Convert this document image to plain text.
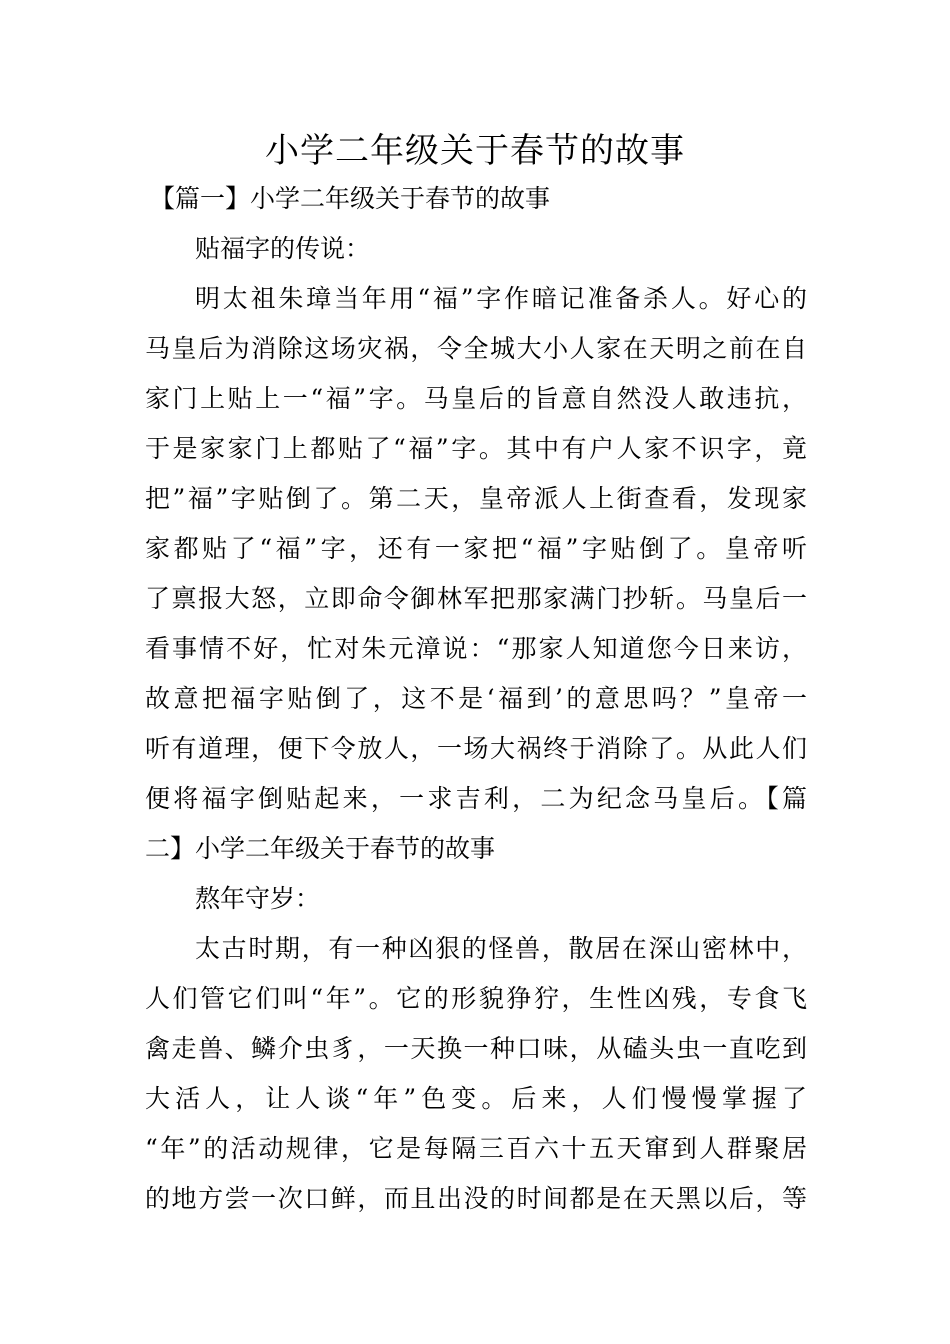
小学二年级关于春节的故事
【篇一】小学二年级关于春节的故事
贴福字的传说：
明太祖朱璋当年用“福”字作暗记准备杀人。好心的
马皇后为消除这场灾祸，令全城大小人家在天明之前在自
家门上贴上一“福”字。马皇后的旨意自然没人敢违抗，
于是家家门上都贴了“福”字。其中有户人家不识字，竟
把”福”字贴倒了。第二天，皇帝派人上街查看，发现家
家都贴了“福”字，还有一家把“福”字贴倒了。皇帝听
了禀报大怒，立即命令御林军把那家满门抄斩。马皇后一
看事情不好，忙对朱元漳说：“那家人知道您今日来访，
故意把福字贴倒了，这不是‘福到’的意思吗？”皇帝一
听有道理，便下令放人，一场大祸终于消除了。从此人们
便将福字倒贴起来，一求吉利，二为纪念马皇后。【篇
二】小学二年级关于春节的故事
熬年守岁：
太古时期，有一种凶狠的怪兽，散居在深山密林中，
人们管它们叫“年”。它的形貌狰狞，生性凶残，专食飞
禽走兽、鳞介虫豸，一天换一种口味，从磕头虫一直吃到
大活人，让人谈“年”色变。后来，人们慢慢掌握了
“年”的活动规律，它是每隔三百六十五天窜到人群聚居
的地方尝一次口鲜，而且出没的时间都是在天黑以后，等
